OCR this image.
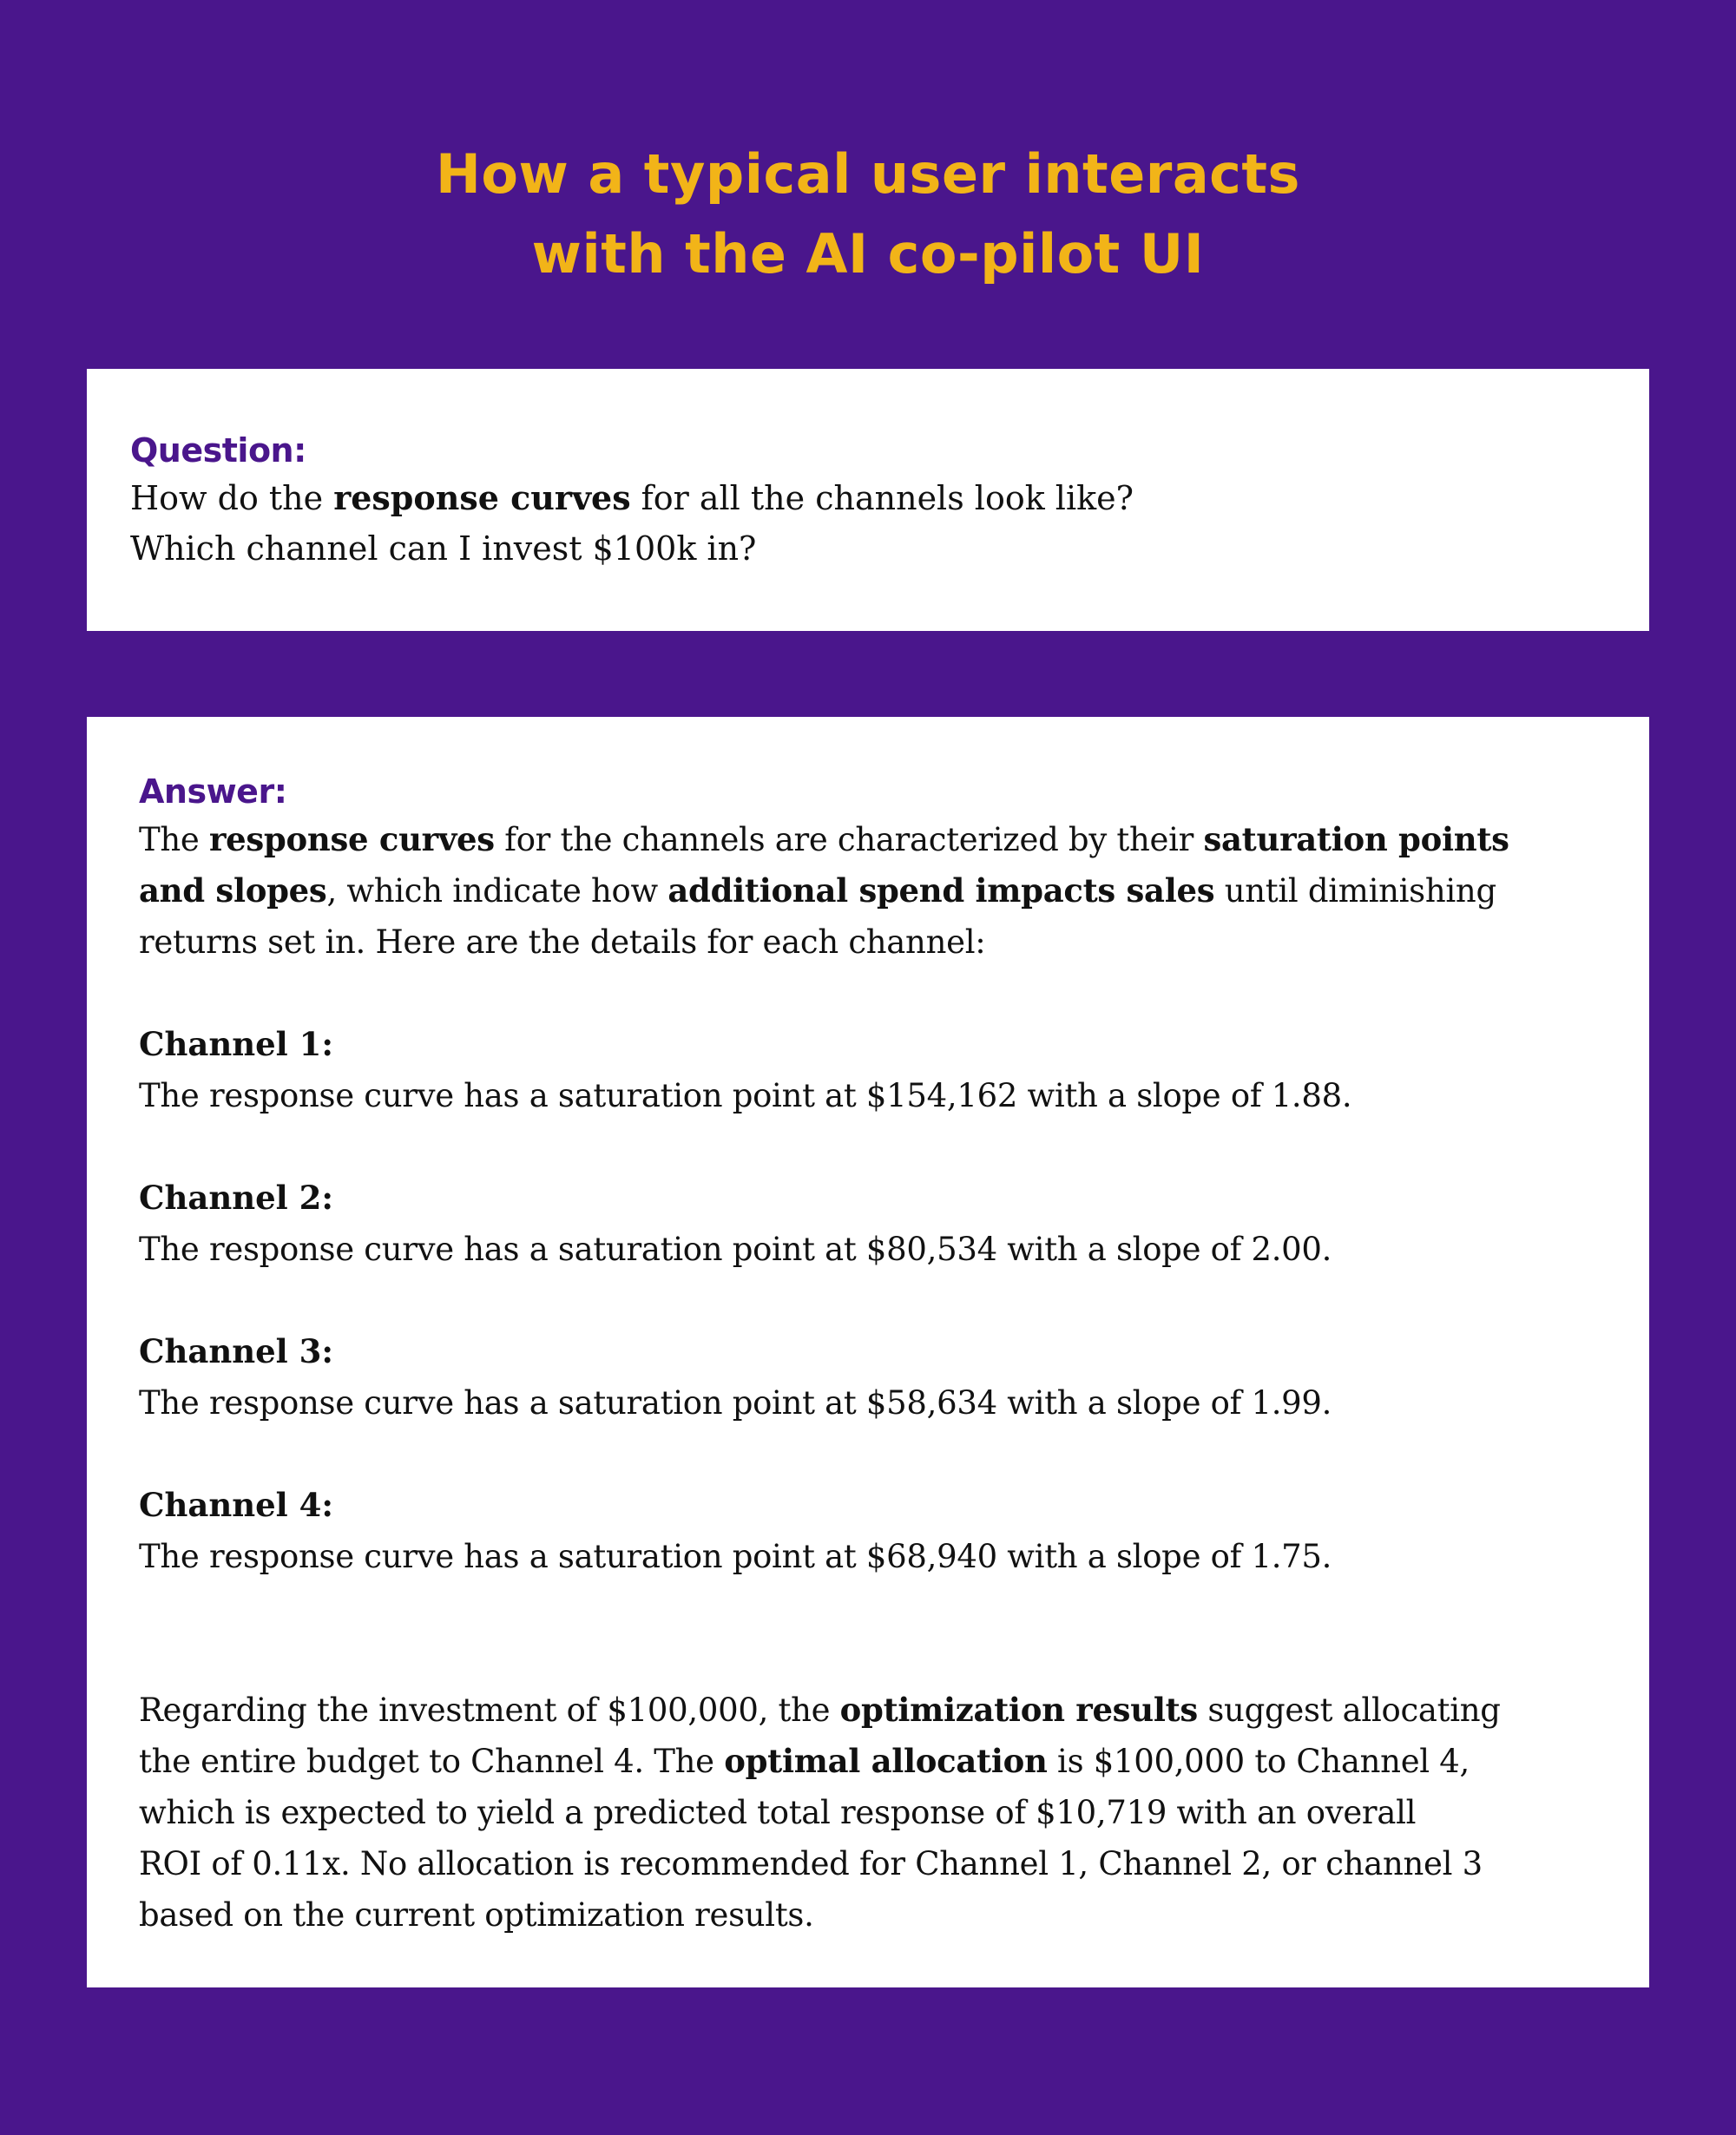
How a typical user interacts
with the AI co-pilot UI
Question:
How do the response curves for all the channels look like?
Which channel can I invest $100k in?
Answer:
The response curves for the channels are characterized by their saturation points
and slopes, which indicate how additional spend impacts sales until diminishing
returns set in. Here are the details for each channel:
Channel 1:
The response curve has a saturation point at $154,162 with a slope of 1.88.
Channel 2:
The response curve has a saturation point at $80,534 with a slope of 2.00.
Channel 3:
The response curve has a saturation point at $58,634 with a slope of 1.99.
Channel 4:
The response curve has a saturation point at $68,940 with a slope of 1.75.
Regarding the investment of $100,000, the optimization results suggest allocating
the entire budget to Channel 4. The optimal allocation is $100,000 to Channel 4,
which is expected to yield a predicted total response of $10,719 with an overall
ROI of 0.11x. No allocation is recommended for Channel 1, Channel 2, or channel 3
based on the current optimization results.
